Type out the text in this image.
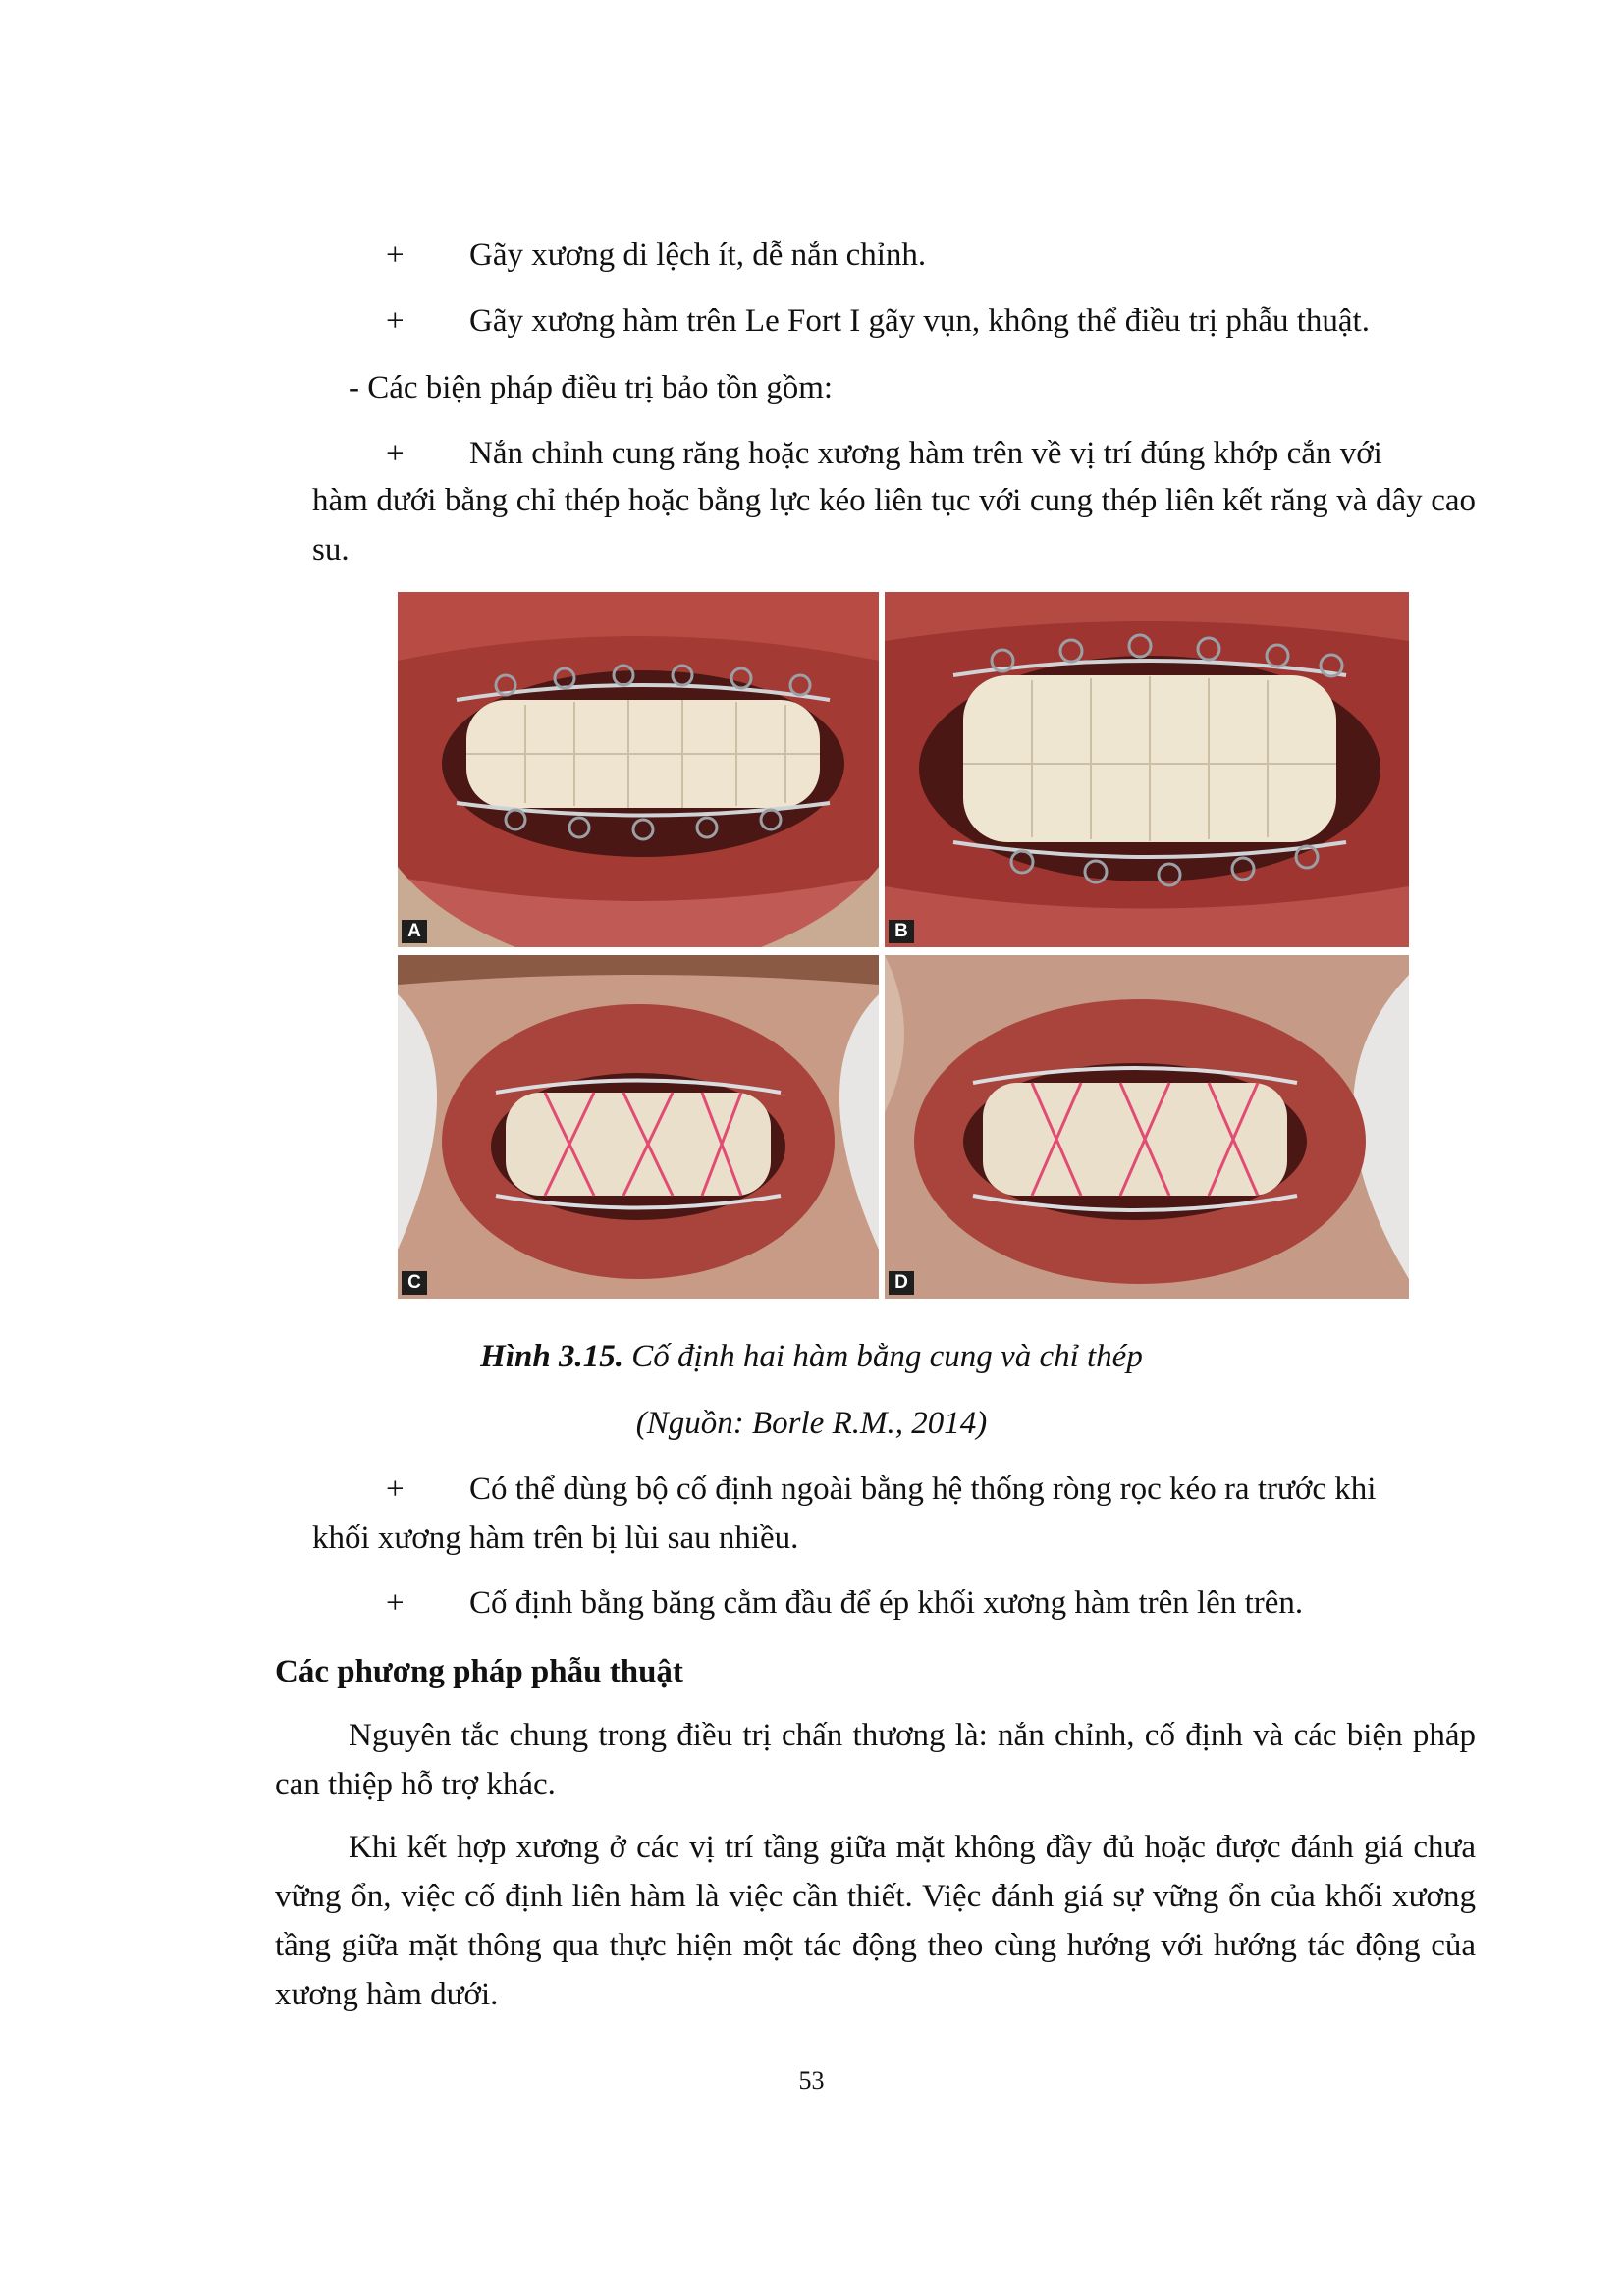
+ Gãy xương di lệch ít, dễ nắn chỉnh.
+ Gãy xương hàm trên Le Fort I gãy vụn, không thể điều trị phẫu thuật.
- Các biện pháp điều trị bảo tồn gồm:
+ Nắn chỉnh cung răng hoặc xương hàm trên về vị trí đúng khớp cắn với
hàm dưới bằng chỉ thép hoặc bằng lực kéo liên tục với cung thép liên kết răng và dây cao su.
A	B
C	D
Hình 3.15. Cố định hai hàm bằng cung và chỉ thép
(Nguồn: Borle R.M., 2014)
+ Có thể dùng bộ cố định ngoài bằng hệ thống ròng rọc kéo ra trước khi
khối xương hàm trên bị lùi sau nhiều.
+ Cố định bằng băng cằm đầu để ép khối xương hàm trên lên trên.
Các phương pháp phẫu thuật
Nguyên tắc chung trong điều trị chấn thương là: nắn chỉnh, cố định và các biện pháp can thiệp hỗ trợ khác.
Khi kết hợp xương ở các vị trí tầng giữa mặt không đầy đủ hoặc được đánh giá chưa vững ổn, việc cố định liên hàm là việc cần thiết. Việc đánh giá sự vững ổn của khối xương tầng giữa mặt thông qua thực hiện một tác động theo cùng hướng với hướng tác động của xương hàm dưới.
53
